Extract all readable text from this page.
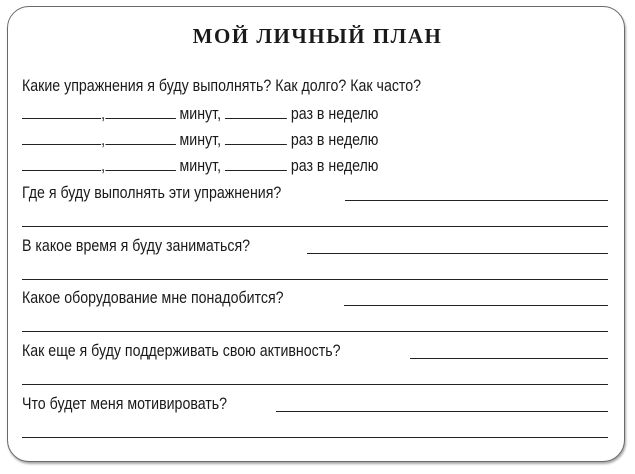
МОЙ ЛИЧНЫЙ ПЛАН
Какие упражнения я буду выполнять? Как долго? Как часто?
,	минут,	раз в неделю
,	минут,	раз в неделю
,	минут,	раз в неделю
Где я буду выполнять эти упражнения?
В какое время я буду заниматься?
Какое оборудование мне понадобится?
Как еще я буду поддерживать свою активность?
Что будет меня мотивировать?
